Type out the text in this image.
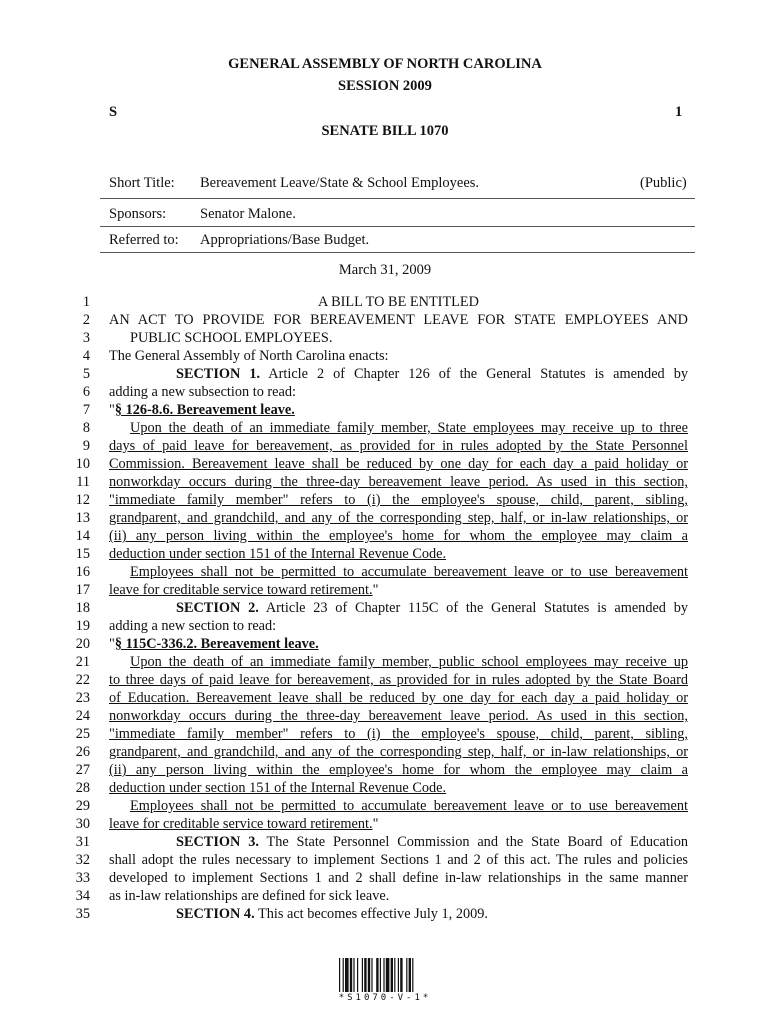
GENERAL ASSEMBLY OF NORTH CAROLINA
SESSION 2009
S	1
SENATE BILL 1070
Short Title: Bereavement Leave/State & School Employees.	(Public)
Sponsors: Senator Malone.
Referred to: Appropriations/Base Budget.
March 31, 2009
1	A BILL TO BE ENTITLED
2 AN ACT TO PROVIDE FOR BEREAVEMENT LEAVE FOR STATE EMPLOYEES AND
3	PUBLIC SCHOOL EMPLOYEES.
4 The General Assembly of North Carolina enacts:
5	SECTION 1. Article 2 of Chapter 126 of the General Statutes is amended by
6 adding a new subsection to read:
7 "§ 126-8.6. Bereavement leave.
8	Upon the death of an immediate family member, State employees may receive up to three
9 days of paid leave for bereavement, as provided for in rules adopted by the State Personnel
10 Commission. Bereavement leave shall be reduced by one day for each day a paid holiday or
11 nonworkday occurs during the three-day bereavement leave period. As used in this section,
12 "immediate family member" refers to (i) the employee's spouse, child, parent, sibling,
13 grandparent, and grandchild, and any of the corresponding step, half, or in-law relationships, or
14 (ii) any person living within the employee's home for whom the employee may claim a
15 deduction under section 151 of the Internal Revenue Code.
16	Employees shall not be permitted to accumulate bereavement leave or to use bereavement
17 leave for creditable service toward retirement."
18	SECTION 2. Article 23 of Chapter 115C of the General Statutes is amended by
19 adding a new section to read:
20 "§ 115C-336.2. Bereavement leave.
21	Upon the death of an immediate family member, public school employees may receive up
22 to three days of paid leave for bereavement, as provided for in rules adopted by the State Board
23 of Education. Bereavement leave shall be reduced by one day for each day a paid holiday or
24 nonworkday occurs during the three-day bereavement leave period. As used in this section,
25 "immediate family member" refers to (i) the employee's spouse, child, parent, sibling,
26 grandparent, and grandchild, and any of the corresponding step, half, or in-law relationships, or
27 (ii) any person living within the employee's home for whom the employee may claim a
28 deduction under section 151 of the Internal Revenue Code.
29	Employees shall not be permitted to accumulate bereavement leave or to use bereavement
30 leave for creditable service toward retirement."
31	SECTION 3. The State Personnel Commission and the State Board of Education
32 shall adopt the rules necessary to implement Sections 1 and 2 of this act. The rules and policies
33 developed to implement Sections 1 and 2 shall define in-law relationships in the same manner
34 as in-law relationships are defined for sick leave.
35	SECTION 4. This act becomes effective July 1, 2009.
*S1070-V-1*
